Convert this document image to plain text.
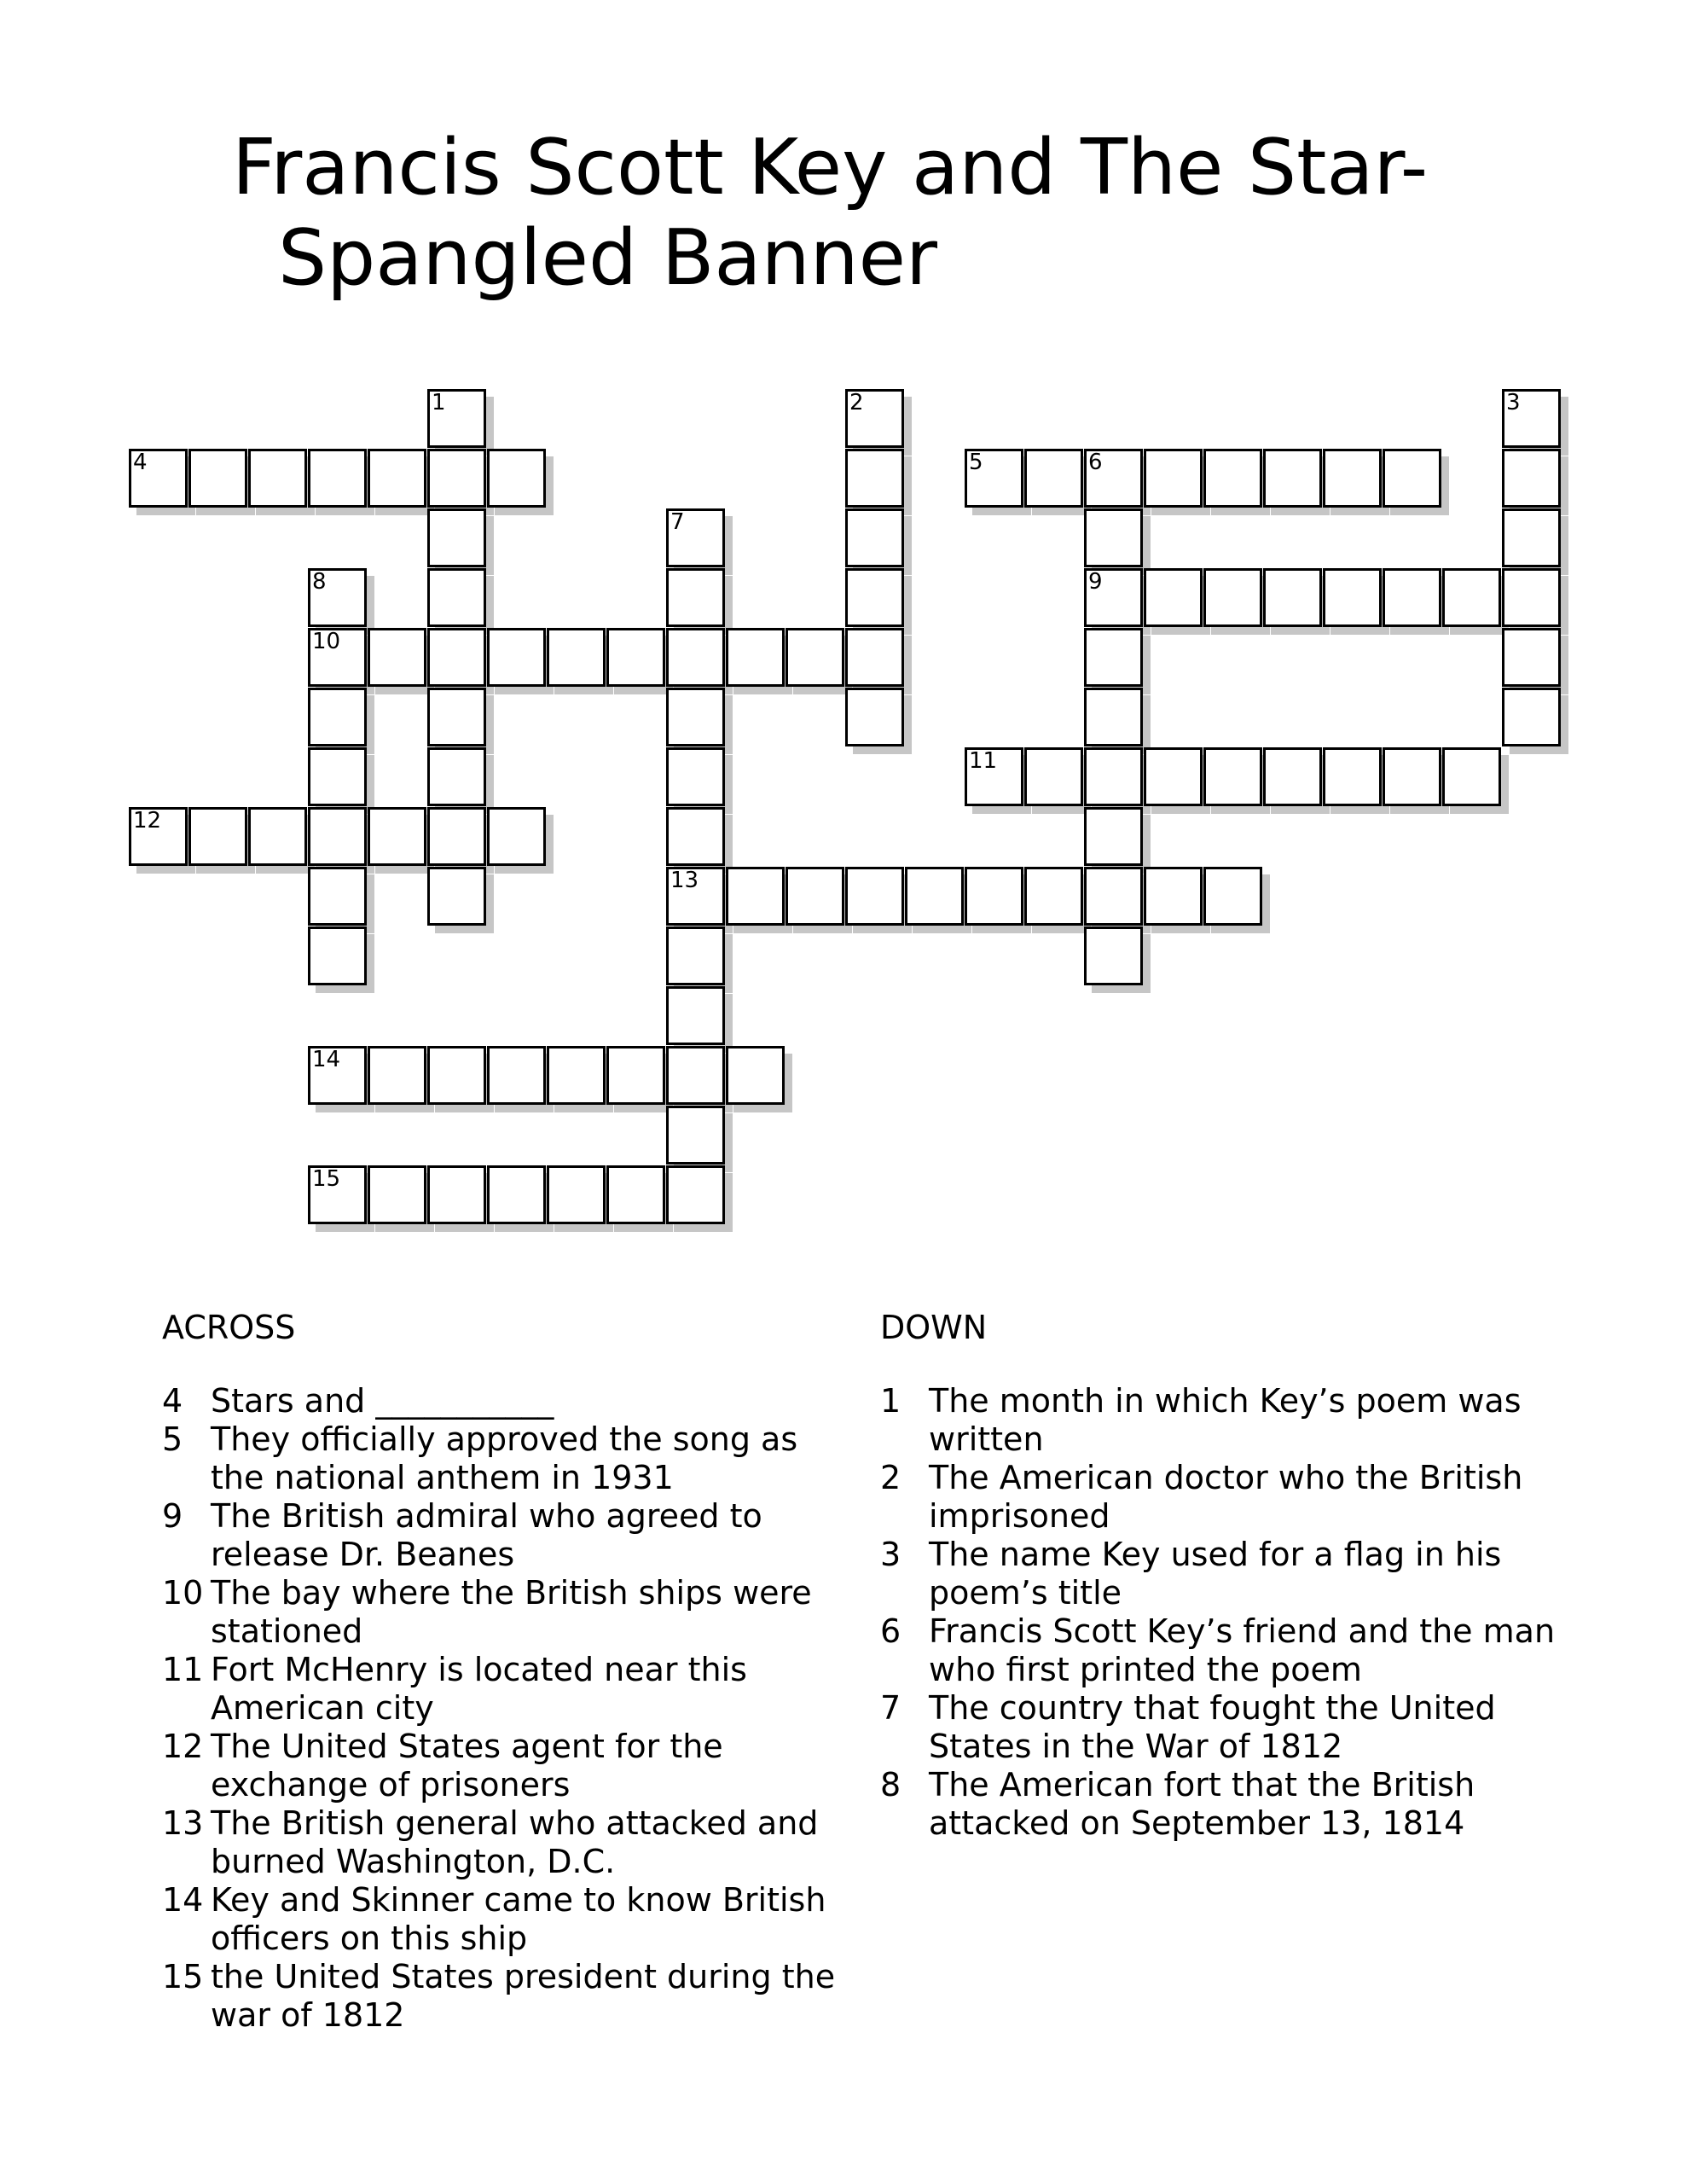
Francis Scott Key and The Star-
Spangled Banner
1	2	3
4	5	6
7
8	9
10
11
12
13
14
15
ACROSS
4 Stars and ___________
5 They officially approved the song as the national anthem in 1931
9 The British admiral who agreed to release Dr. Beanes
10 The bay where the British ships were stationed
11 Fort McHenry is located near this American city
12 The United States agent for the exchange of prisoners
13 The British general who attacked and burned Washington, D.C.
14 Key and Skinner came to know British officers on this ship
15 the United States president during the war of 1812
DOWN
1 The month in which Key’s poem was written
2 The American doctor who the British imprisoned
3 The name Key used for a flag in his poem’s title
6 Francis Scott Key’s friend and the man who first printed the poem
7 The country that fought the United States in the War of 1812
8 The American fort that the British attacked on September 13, 1814
